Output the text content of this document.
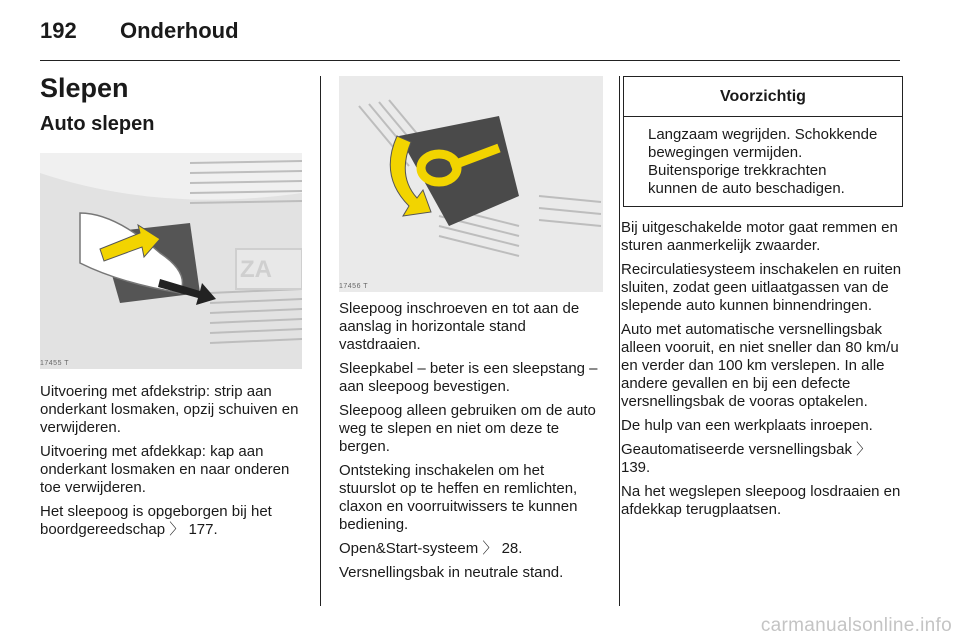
192 Onderhoud
Slepen
Auto slepen
ZA
17455 T

Uitvoering met afdekstrip: strip aan onderkant losmaken, opzij schuiven en verwijderen.

Uitvoering met afdekkap: kap aan onderkant losmaken en naar onderen toe verwijderen.

Het sleepoog is opgeborgen bij het boordgereedschap 〉 177.

17456 T

Sleepoog inschroeven en tot aan de aanslag in horizontale stand vastdraaien.

Sleepkabel – beter is een sleepstang – aan sleepoog bevestigen.

Sleepoog alleen gebruiken om de auto weg te slepen en niet om deze te bergen.

Ontsteking inschakelen om het stuurslot op te heffen en remlichten, claxon en voorruitwissers te kunnen bediening.

Open&Start-systeem 〉 28.

Versnellingsbak in neutrale stand.

Voorzichtig
Langzaam wegrijden. Schokkende bewegingen vermijden. Buitensporige trekkrachten kunnen de auto beschadigen.

Bij uitgeschakelde motor gaat remmen en sturen aanmerkelijk zwaarder.

Recirculatiesysteem inschakelen en ruiten sluiten, zodat geen uitlaatgassen van de slepende auto kunnen binnendringen.

Auto met automatische versnellingsbak alleen vooruit, en niet sneller dan 80 km/u en verder dan 100 km verslepen. In alle andere gevallen en bij een defecte versnellingsbak de vooras optakelen.

De hulp van een werkplaats inroepen.

Geautomatiseerde versnellingsbak 〉 139.

Na het wegslepen sleepoog losdraaien en afdekkap terugplaatsen.

carmanualsonline.info
